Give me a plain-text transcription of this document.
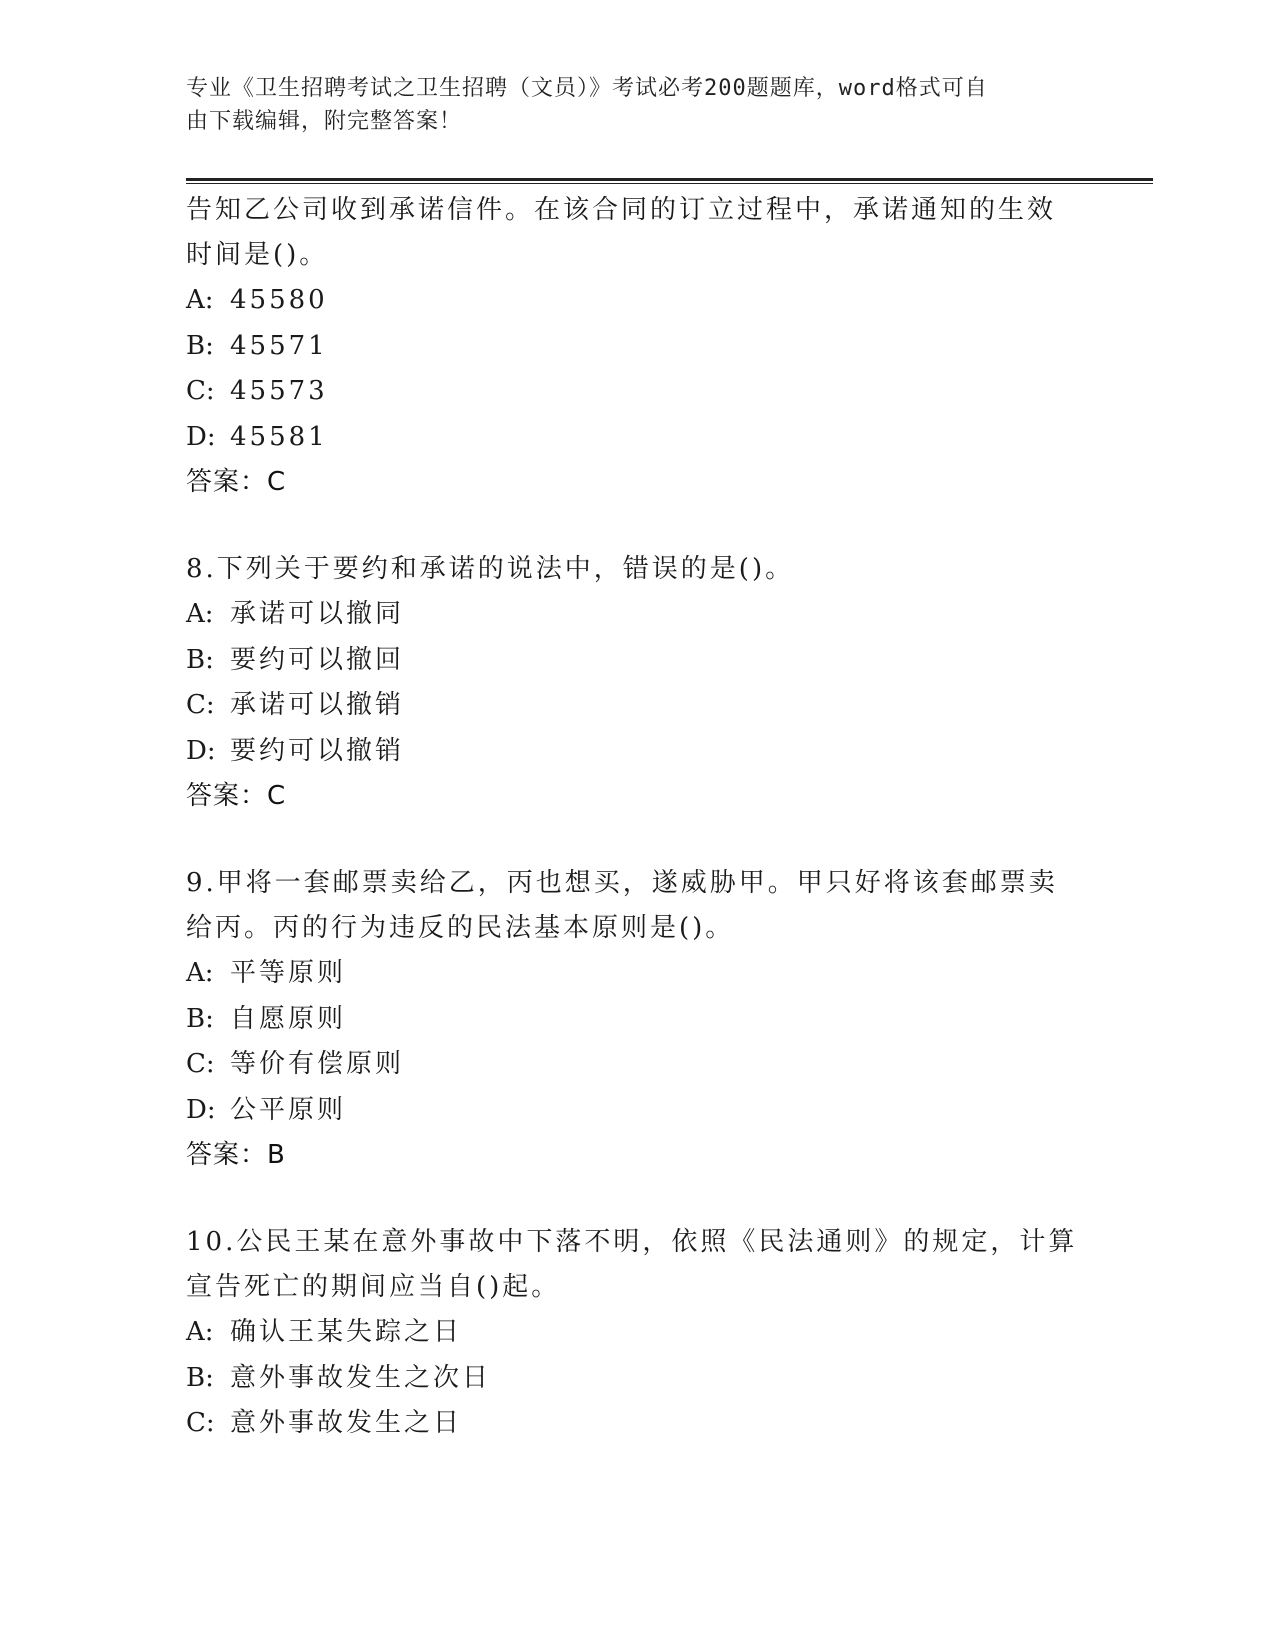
专业《卫生招聘考试之卫生招聘（文员）》考试必考200题题库，word格式可自
由下载编辑，附完整答案！

告知乙公司收到承诺信件。在该合同的订立过程中，承诺通知的生效

时间是()。

A: 45580

B: 45571

C: 45573

D: 45581

答案：C

8.下列关于要约和承诺的说法中，错误的是()。

A: 承诺可以撤同

B: 要约可以撤回

C: 承诺可以撤销

D: 要约可以撤销

答案：C

9.甲将一套邮票卖给乙，丙也想买，遂威胁甲。甲只好将该套邮票卖

给丙。丙的行为违反的民法基本原则是()。

A: 平等原则

B: 自愿原则

C: 等价有偿原则

D: 公平原则

答案：B

10.公民王某在意外事故中下落不明，依照《民法通则》的规定，计算

宣告死亡的期间应当自()起。

A: 确认王某失踪之日

B: 意外事故发生之次日

C: 意外事故发生之日
